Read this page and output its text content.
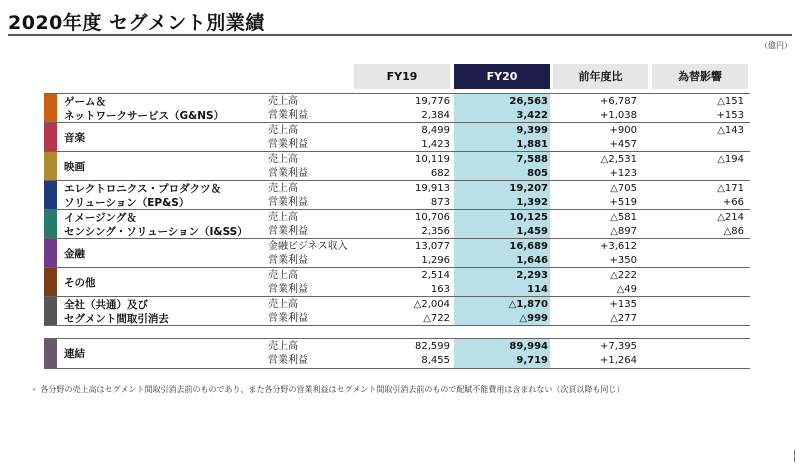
2020年度 セグメント別業績
（億円）
FY19	FY20	前年度比	為替影響
ゲーム＆
ネットワークサービス（G&NS）
売上高	19,776	26,563	+6,787	△151
営業利益	2,384	3,422	+1,038	+153
音楽
売上高	8,499	9,399	+900	△143
営業利益	1,423	1,881	+457
映画
売上高	10,119	7,588	△2,531	△194
営業利益	682	805	+123
エレクトロニクス・プロダクツ＆
ソリューション（EP&S）
売上高	19,913	19,207	△705	△171
営業利益	873	1,392	+519	+66
イメージング＆
センシング・ソリューション（I&SS）
売上高	10,706	10,125	△581	△214
営業利益	2,356	1,459	△897	△86
金融
金融ビジネス収入	13,077	16,689	+3,612
営業利益	1,296	1,646	+350
その他
売上高	2,514	2,293	△222
営業利益	163	114	△49
全社（共通）及び
セグメント間取引消去
売上高	△2,004	△1,870	+135
営業利益	△722	△999	△277
連結
売上高	82,599	89,994	+7,395
営業利益	8,455	9,719	+1,264
・ 各分野の売上高はセグメント間取引消去前のものであり、また各分野の営業利益はセグメント間取引消去前のもので配賦不能費用は含まれない（次頁以降も同じ）
